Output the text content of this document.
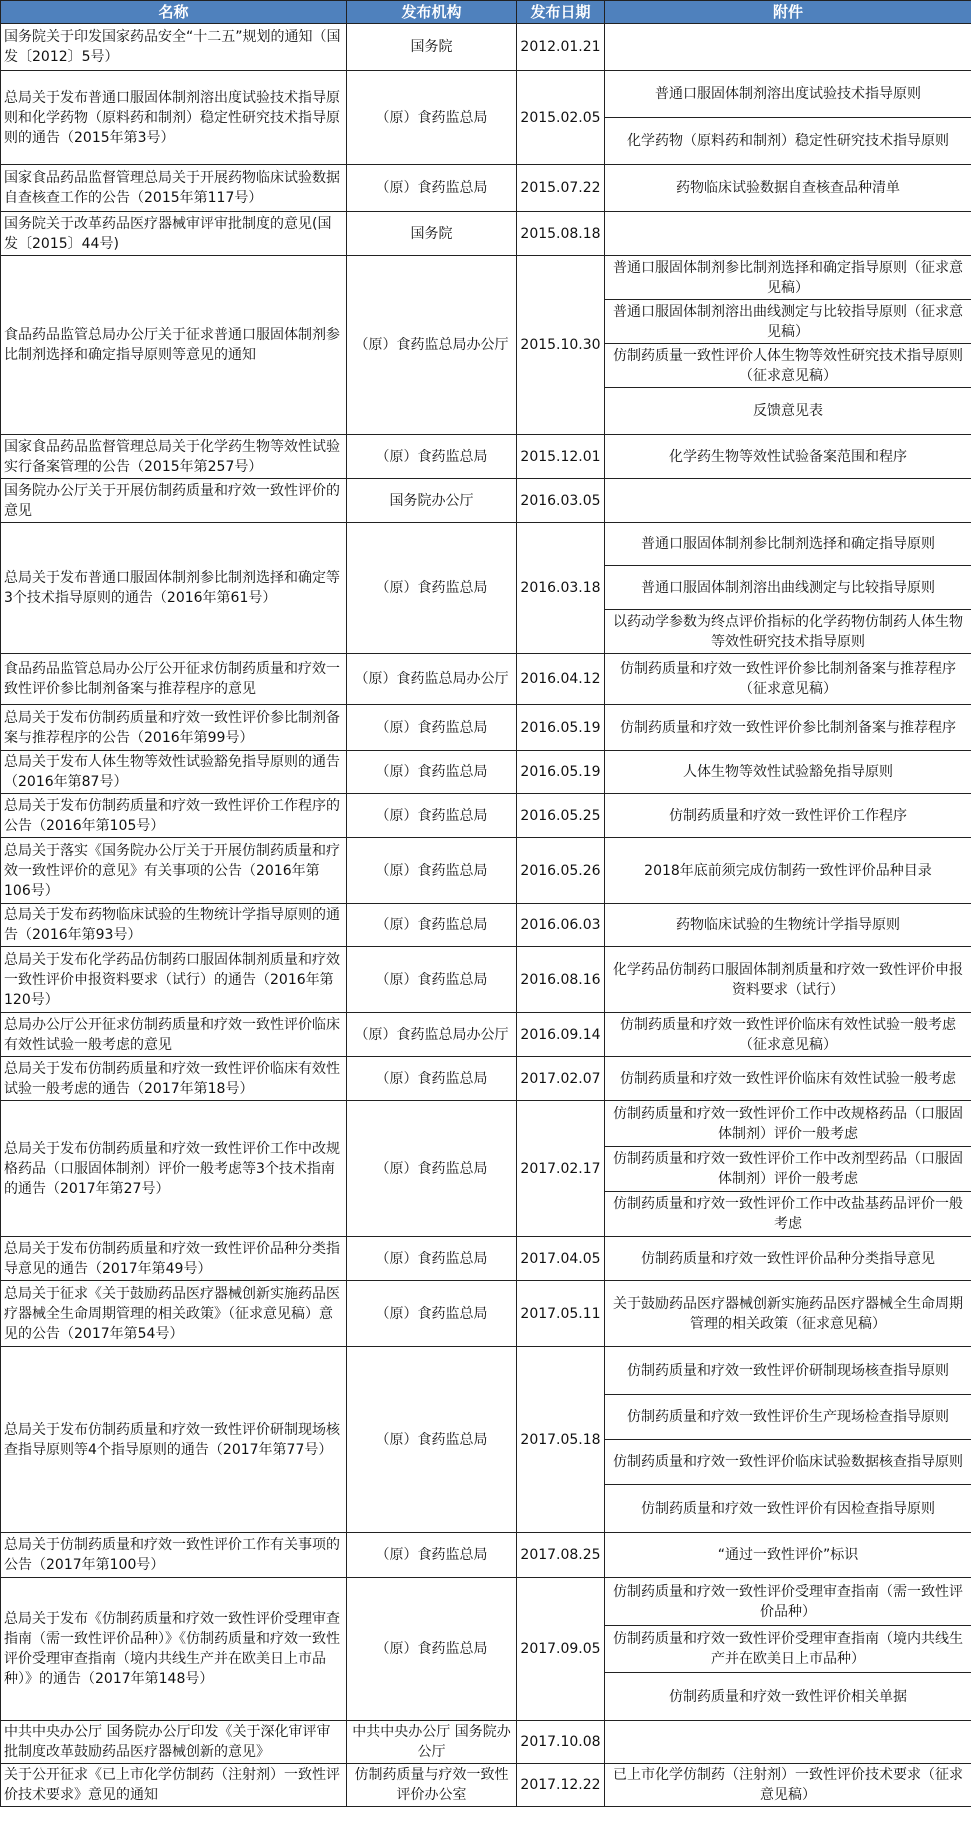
名称	发布机构	发布日期	附件
国务院关于印发国家药品安全“十二五”规划的通知（国发〔2012〕5号）	国务院	2012.01.21	
总局关于发布普通口服固体制剂溶出度试验技术指导原则和化学药物（原料药和制剂）稳定性研究技术指导原则的通告（2015年第3号）	（原）食药监总局	2015.02.05	普通口服固体制剂溶出度试验技术指导原则
			化学药物（原料药和制剂）稳定性研究技术指导原则
国家食品药品监督管理总局关于开展药物临床试验数据自查核查工作的公告（2015年第117号）	（原）食药监总局	2015.07.22	药物临床试验数据自查核查品种清单
国务院关于改革药品医疗器械审评审批制度的意见(国发〔2015〕44号)	国务院	2015.08.18	
食品药品监管总局办公厅关于征求普通口服固体制剂参比制剂选择和确定指导原则等意见的通知	（原）食药监总局办公厅	2015.10.30	普通口服固体制剂参比制剂选择和确定指导原则（征求意见稿）
			普通口服固体制剂溶出曲线测定与比较指导原则（征求意见稿）
			仿制药质量一致性评价人体生物等效性研究技术指导原则（征求意见稿）
			反馈意见表
国家食品药品监督管理总局关于化学药生物等效性试验实行备案管理的公告（2015年第257号）	（原）食药监总局	2015.12.01	化学药生物等效性试验备案范围和程序
国务院办公厅关于开展仿制药质量和疗效一致性评价的意见	国务院办公厅	2016.03.05	
总局关于发布普通口服固体制剂参比制剂选择和确定等3个技术指导原则的通告（2016年第61号）	（原）食药监总局	2016.03.18	普通口服固体制剂参比制剂选择和确定指导原则
			普通口服固体制剂溶出曲线测定与比较指导原则
			以药动学参数为终点评价指标的化学药物仿制药人体生物等效性研究技术指导原则
食品药品监管总局办公厅公开征求仿制药质量和疗效一致性评价参比制剂备案与推荐程序的意见	（原）食药监总局办公厅	2016.04.12	仿制药质量和疗效一致性评价参比制剂备案与推荐程序（征求意见稿）
总局关于发布仿制药质量和疗效一致性评价参比制剂备案与推荐程序的公告（2016年第99号）	（原）食药监总局	2016.05.19	仿制药质量和疗效一致性评价参比制剂备案与推荐程序
总局关于发布人体生物等效性试验豁免指导原则的通告（2016年第87号）	（原）食药监总局	2016.05.19	人体生物等效性试验豁免指导原则
总局关于发布仿制药质量和疗效一致性评价工作程序的公告（2016年第105号）	（原）食药监总局	2016.05.25	仿制药质量和疗效一致性评价工作程序
总局关于落实《国务院办公厅关于开展仿制药质量和疗效一致性评价的意见》有关事项的公告（2016年第106号）	（原）食药监总局	2016.05.26	2018年底前须完成仿制药一致性评价品种目录
总局关于发布药物临床试验的生物统计学指导原则的通告（2016年第93号）	（原）食药监总局	2016.06.03	药物临床试验的生物统计学指导原则
总局关于发布化学药品仿制药口服固体制剂质量和疗效一致性评价申报资料要求（试行）的通告（2016年第120号）	（原）食药监总局	2016.08.16	化学药品仿制药口服固体制剂质量和疗效一致性评价申报资料要求（试行）
总局办公厅公开征求仿制药质量和疗效一致性评价临床有效性试验一般考虑的意见	（原）食药监总局办公厅	2016.09.14	仿制药质量和疗效一致性评价临床有效性试验一般考虑（征求意见稿）
总局关于发布仿制药质量和疗效一致性评价临床有效性试验一般考虑的通告（2017年第18号）	（原）食药监总局	2017.02.07	仿制药质量和疗效一致性评价临床有效性试验一般考虑
总局关于发布仿制药质量和疗效一致性评价工作中改规格药品（口服固体制剂）评价一般考虑等3个技术指南的通告（2017年第27号）	（原）食药监总局	2017.02.17	仿制药质量和疗效一致性评价工作中改规格药品（口服固体制剂）评价一般考虑
			仿制药质量和疗效一致性评价工作中改剂型药品（口服固体制剂）评价一般考虑
			仿制药质量和疗效一致性评价工作中改盐基药品评价一般考虑
总局关于发布仿制药质量和疗效一致性评价品种分类指导意见的通告（2017年第49号）	（原）食药监总局	2017.04.05	仿制药质量和疗效一致性评价品种分类指导意见
总局关于征求《关于鼓励药品医疗器械创新实施药品医疗器械全生命周期管理的相关政策》（征求意见稿）意见的公告（2017年第54号）	（原）食药监总局	2017.05.11	关于鼓励药品医疗器械创新实施药品医疗器械全生命周期管理的相关政策（征求意见稿）
总局关于发布仿制药质量和疗效一致性评价研制现场核查指导原则等4个指导原则的通告（2017年第77号）	（原）食药监总局	2017.05.18	仿制药质量和疗效一致性评价研制现场核查指导原则
			仿制药质量和疗效一致性评价生产现场检查指导原则
			仿制药质量和疗效一致性评价临床试验数据核查指导原则
			仿制药质量和疗效一致性评价有因检查指导原则
总局关于仿制药质量和疗效一致性评价工作有关事项的公告（2017年第100号）	（原）食药监总局	2017.08.25	“通过一致性评价”标识
总局关于发布《仿制药质量和疗效一致性评价受理审查指南（需一致性评价品种）》《仿制药质量和疗效一致性评价受理审查指南（境内共线生产并在欧美日上市品种）》的通告（2017年第148号）	（原）食药监总局	2017.09.05	仿制药质量和疗效一致性评价受理审查指南（需一致性评价品种）
			仿制药质量和疗效一致性评价受理审查指南（境内共线生产并在欧美日上市品种）
			仿制药质量和疗效一致性评价相关单据
中共中央办公厅 国务院办公厅印发《关于深化审评审批制度改革鼓励药品医疗器械创新的意见》	中共中央办公厅 国务院办公厅	2017.10.08	
关于公开征求《已上市化学仿制药（注射剂）一致性评价技术要求》意见的通知	仿制药质量与疗效一致性评价办公室	2017.12.22	已上市化学仿制药（注射剂）一致性评价技术要求（征求意见稿）
